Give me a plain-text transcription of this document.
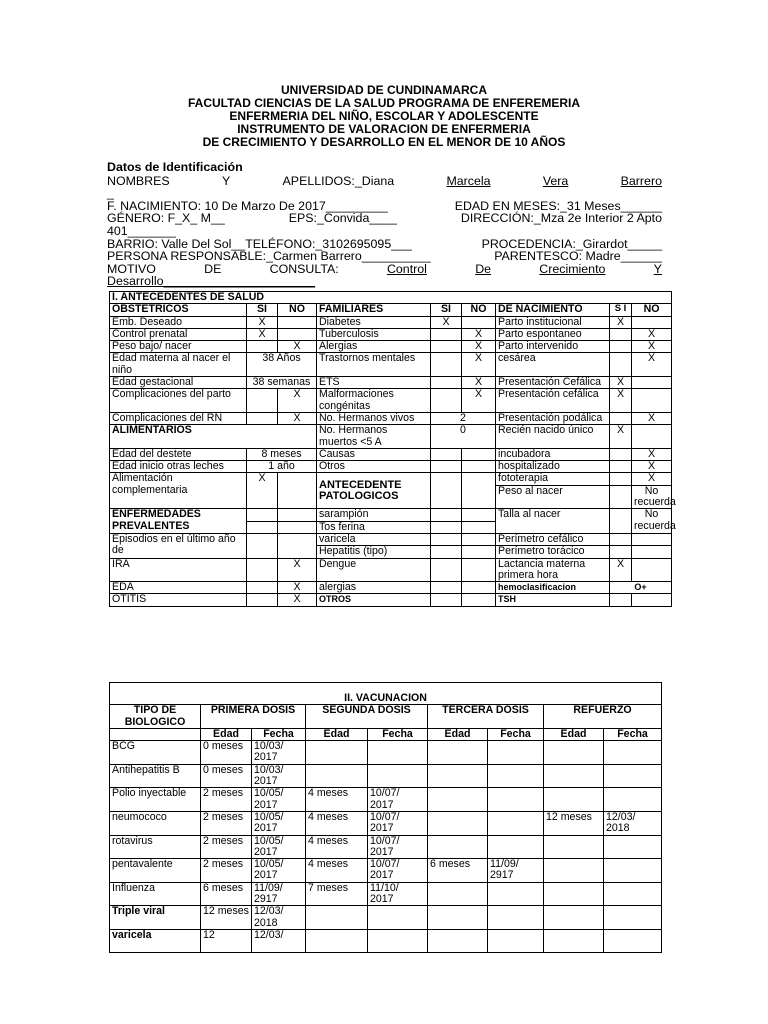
UNIVERSIDAD DE CUNDINAMARCA
FACULTAD CIENCIAS DE LA SALUD PROGRAMA DE ENFEREMERIA
ENFERMERIA DEL NIÑO, ESCOLAR Y ADOLESCENTE
INSTRUMENTO DE VALORACION DE ENFERMERIA
DE CRECIMIENTO Y DESARROLLO EN EL MENOR DE 10 AÑOS
Datos de Identificación
NOMBRES	Y	APELLIDOS:_Diana	Marcela	Vera	Barrero
_
F. NACIMIENTO: 10 De Marzo De 2017_________	EDAD EN MESES:_31 Meses______
GÉNERO: F_X_ M__	EPS:_Convida____	DIRECCIÓN:_Mza 2e Interior 2 Apto
401_______
BARRIO: Valle Del Sol__TELÉFONO:_3102695095___	PROCEDENCIA:_Girardot_____
PERSONA RESPONSABLE:_Carmen Barrero__________	PARENTESCO: Madre______
MOTIVO	DE	CONSULTA:	Control	De	Crecimiento	Y
Desarrollo______________________
I. ANTECEDENTES DE SALUD								
OBSTETRICOS	SI	NO	FAMILIARES	SI	NO	DE NACIMIENTO	S I	NO
Emb. Deseado	X		Diabetes	X		Parto institucional	X	
Control prenatal	X		Tuberculosis		X	Parto espontaneo		X
Peso bajo/ nacer		X	Alergias		X	Parto intervenido		X
Edad materna al nacer el niño	38 Años		Trastornos mentales		X	cesárea		X
Edad gestacional	38 semanas		ETS		X	Presentación Cefálica	X	
Complicaciones del parto		X	Malformaciones congénitas		X	Presentación cefálica	X	
Complicaciones del RN		X	No. Hermanos vivos	2		Presentación podálica		X
ALIMENTARIOS			No. Hermanos muertos <5 A	0		Recién nacido único	X	
Edad del destete	8 meses		Causas			incubadora		X
Edad inicio otras leches	1 año		Otros			hospitalizado		X
Alimentación complementaria	X		ANTECEDENTE PATOLOGICOS			fototerapia		X
						Peso al nacer		No recuerda
ENFERMEDADES PREVALENTES			sarampión			Talla al nacer		No recuerda
			Tos ferina					
Episodios en el último año de			varicela			Perímetro cefálico		
			Hepatitis (tipo)			Perímetro torácico		
IRA		X	Dengue			Lactancia materna primera hora	X	
EDA		X	alergias			hemoclasificacion	O+	
OTITIS		X	OTROS			TSH		
II. VACUNACION								
TIPO DE BIOLOGICO	PRIMERA DOSIS		SEGUNDA DOSIS		TERCERA DOSIS		REFUERZO	
	Edad	Fecha	Edad	Fecha	Edad	Fecha	Edad	Fecha
BCG	0 meses	10/03/ 2017						
Antihepatitis B	0 meses	10/03/ 2017						
Polio inyectable	2 meses	10/05/ 2017	4 meses	10/07/ 2017				
neumococo	2 meses	10/05/ 2017	4 meses	10/07/ 2017			12 meses	12/03/ 2018
rotavirus	2 meses	10/05/ 2017	4 meses	10/07/ 2017				
pentavalente	2 meses	10/05/ 2017	4 meses	10/07/ 2017	6 meses	11/09/ 2917		
Influenza	6 meses	11/09/ 2917	7 meses	11/10/ 2017				
Triple viral	12 meses	12/03/ 2018						
varicela	12	12/03/						
